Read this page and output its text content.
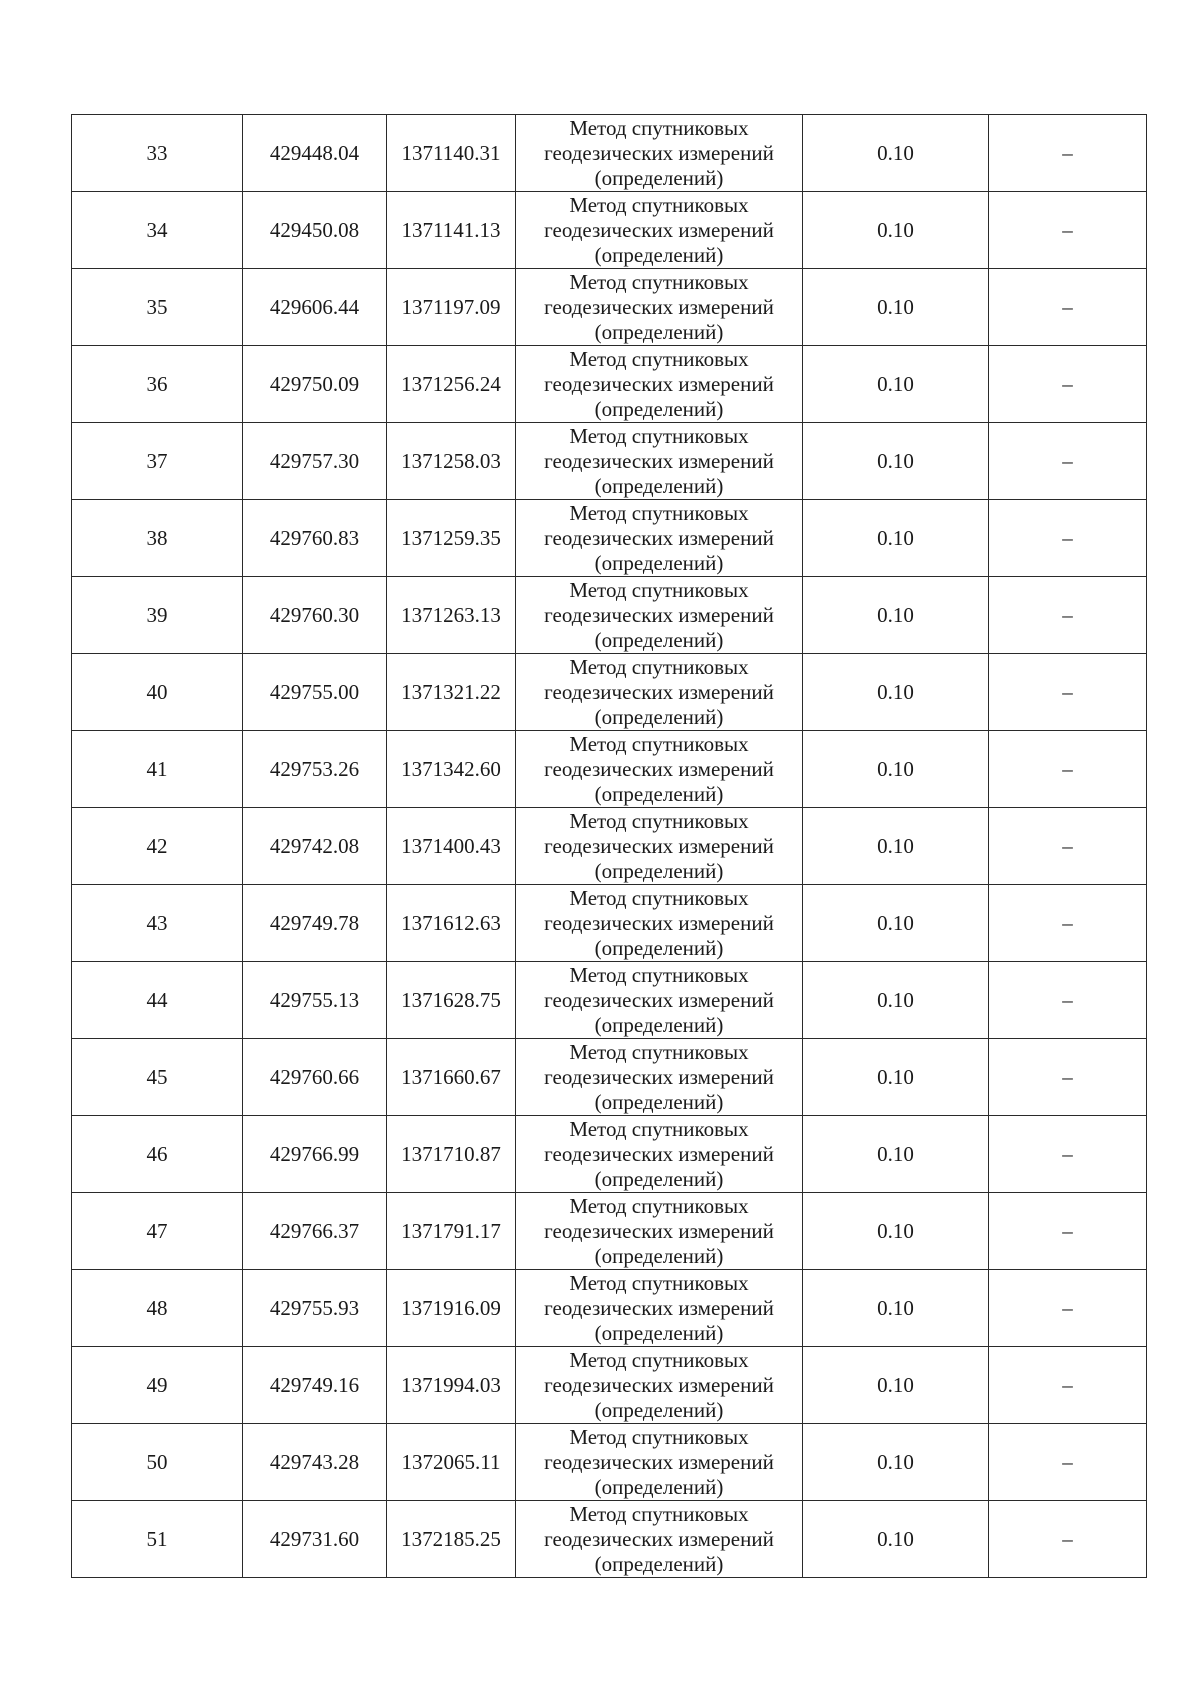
33	429448.04	1371140.31	Метод спутниковых
геодезических измерений
(определений)	0.10	–
34	429450.08	1371141.13	Метод спутниковых
геодезических измерений
(определений)	0.10	–
35	429606.44	1371197.09	Метод спутниковых
геодезических измерений
(определений)	0.10	–
36	429750.09	1371256.24	Метод спутниковых
геодезических измерений
(определений)	0.10	–
37	429757.30	1371258.03	Метод спутниковых
геодезических измерений
(определений)	0.10	–
38	429760.83	1371259.35	Метод спутниковых
геодезических измерений
(определений)	0.10	–
39	429760.30	1371263.13	Метод спутниковых
геодезических измерений
(определений)	0.10	–
40	429755.00	1371321.22	Метод спутниковых
геодезических измерений
(определений)	0.10	–
41	429753.26	1371342.60	Метод спутниковых
геодезических измерений
(определений)	0.10	–
42	429742.08	1371400.43	Метод спутниковых
геодезических измерений
(определений)	0.10	–
43	429749.78	1371612.63	Метод спутниковых
геодезических измерений
(определений)	0.10	–
44	429755.13	1371628.75	Метод спутниковых
геодезических измерений
(определений)	0.10	–
45	429760.66	1371660.67	Метод спутниковых
геодезических измерений
(определений)	0.10	–
46	429766.99	1371710.87	Метод спутниковых
геодезических измерений
(определений)	0.10	–
47	429766.37	1371791.17	Метод спутниковых
геодезических измерений
(определений)	0.10	–
48	429755.93	1371916.09	Метод спутниковых
геодезических измерений
(определений)	0.10	–
49	429749.16	1371994.03	Метод спутниковых
геодезических измерений
(определений)	0.10	–
50	429743.28	1372065.11	Метод спутниковых
геодезических измерений
(определений)	0.10	–
51	429731.60	1372185.25	Метод спутниковых
геодезических измерений
(определений)	0.10	–
